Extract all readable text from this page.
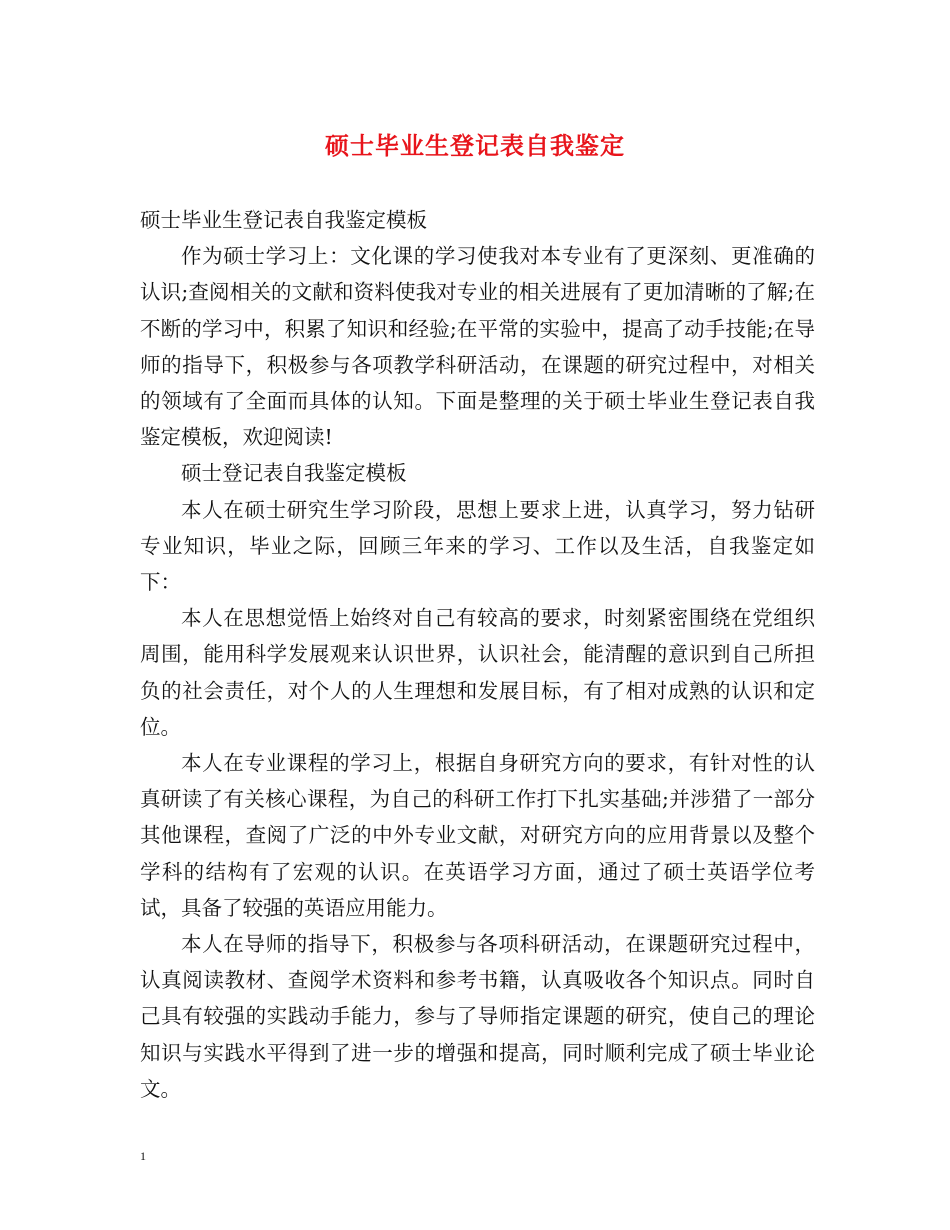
硕士毕业生登记表自我鉴定

硕士毕业生登记表自我鉴定模板

作为硕士学习上：文化课的学习使我对本专业有了更深刻、更准确的认识;查阅相关的文献和资料使我对专业的相关进展有了更加清晰的了解;在不断的学习中，积累了知识和经验;在平常的实验中，提高了动手技能;在导师的指导下，积极参与各项教学科研活动，在课题的研究过程中，对相关的领域有了全面而具体的认知。下面是整理的关于硕士毕业生登记表自我鉴定模板，欢迎阅读!

硕士登记表自我鉴定模板

本人在硕士研究生学习阶段，思想上要求上进，认真学习，努力钻研专业知识，毕业之际，回顾三年来的学习、工作以及生活，自我鉴定如下：

本人在思想觉悟上始终对自己有较高的要求，时刻紧密围绕在党组织周围，能用科学发展观来认识世界，认识社会，能清醒的意识到自己所担负的社会责任，对个人的人生理想和发展目标，有了相对成熟的认识和定位。

本人在专业课程的学习上，根据自身研究方向的要求，有针对性的认真研读了有关核心课程，为自己的科研工作打下扎实基础;并涉猎了一部分其他课程，查阅了广泛的中外专业文献，对研究方向的应用背景以及整个学科的结构有了宏观的认识。在英语学习方面，通过了硕士英语学位考试，具备了较强的英语应用能力。

本人在导师的指导下，积极参与各项科研活动，在课题研究过程中，认真阅读教材、查阅学术资料和参考书籍，认真吸收各个知识点。同时自己具有较强的实践动手能力，参与了导师指定课题的研究，使自己的理论知识与实践水平得到了进一步的增强和提高，同时顺利完成了硕士毕业论文。

1
